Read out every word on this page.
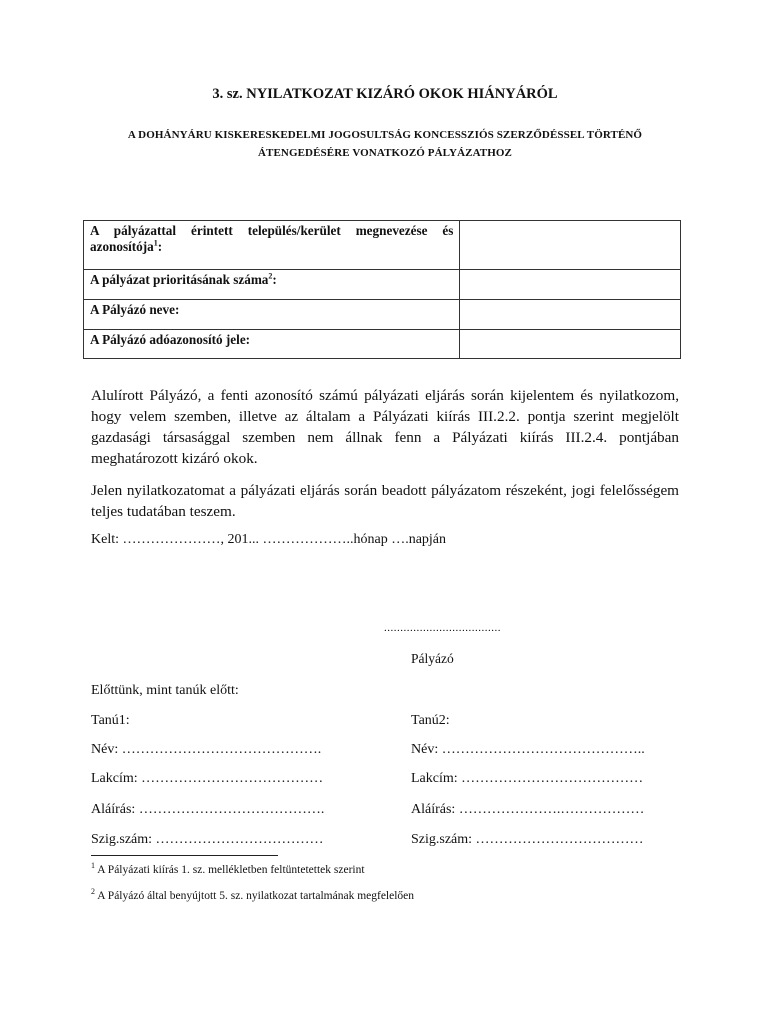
3. sz. NYILATKOZAT KIZÁRÓ OKOK HIÁNYÁRÓL
A DOHÁNYÁRU KISKERESKEDELMI JOGOSULTSÁG KONCESSZIÓS SZERZŐDÉSSEL TÖRTÉNŐ
ÁTENGEDÉSÉRE VONATKOZÓ PÁLYÁZATHOZ
A pályázattal érintett település/kerület megnevezése és azonosítója$^1$:	
A pályázat prioritásának száma$^2$:	
A Pályázó neve:	
A Pályázó adóazonosító jele:	
Alulírott Pályázó, a fenti azonosító számú pályázati eljárás során kijelentem és nyilatkozom, hogy velem szemben, illetve az általam a Pályázati kiírás III.2.2. pontja szerint megjelölt gazdasági társasággal szemben nem állnak fenn a Pályázati kiírás III.2.4. pontjában meghatározott kizáró okok.
Jelen nyilatkozatomat a pályázati eljárás során beadott pályázatom részeként, jogi felelősségem teljes tudatában teszem.
Kelt: …………………, 201... ………………..hónap ….napján
....................................
Pályázó
Előttünk, mint tanúk előtt:
Tanú1:	Tanú2:
Név: …………………………………….	Név: ……………………………………..
Lakcím: …………………………………	Lakcím: …………………………………
Aláírás: ………………………………….	Aláírás: ………………….………………
Szig.szám: ………………………………	Szig.szám: ………………………………
$^1$ A Pályázati kiírás 1. sz. mellékletben feltüntetettek szerint
$^2$ A Pályázó által benyújtott 5. sz. nyilatkozat tartalmának megfelelően
